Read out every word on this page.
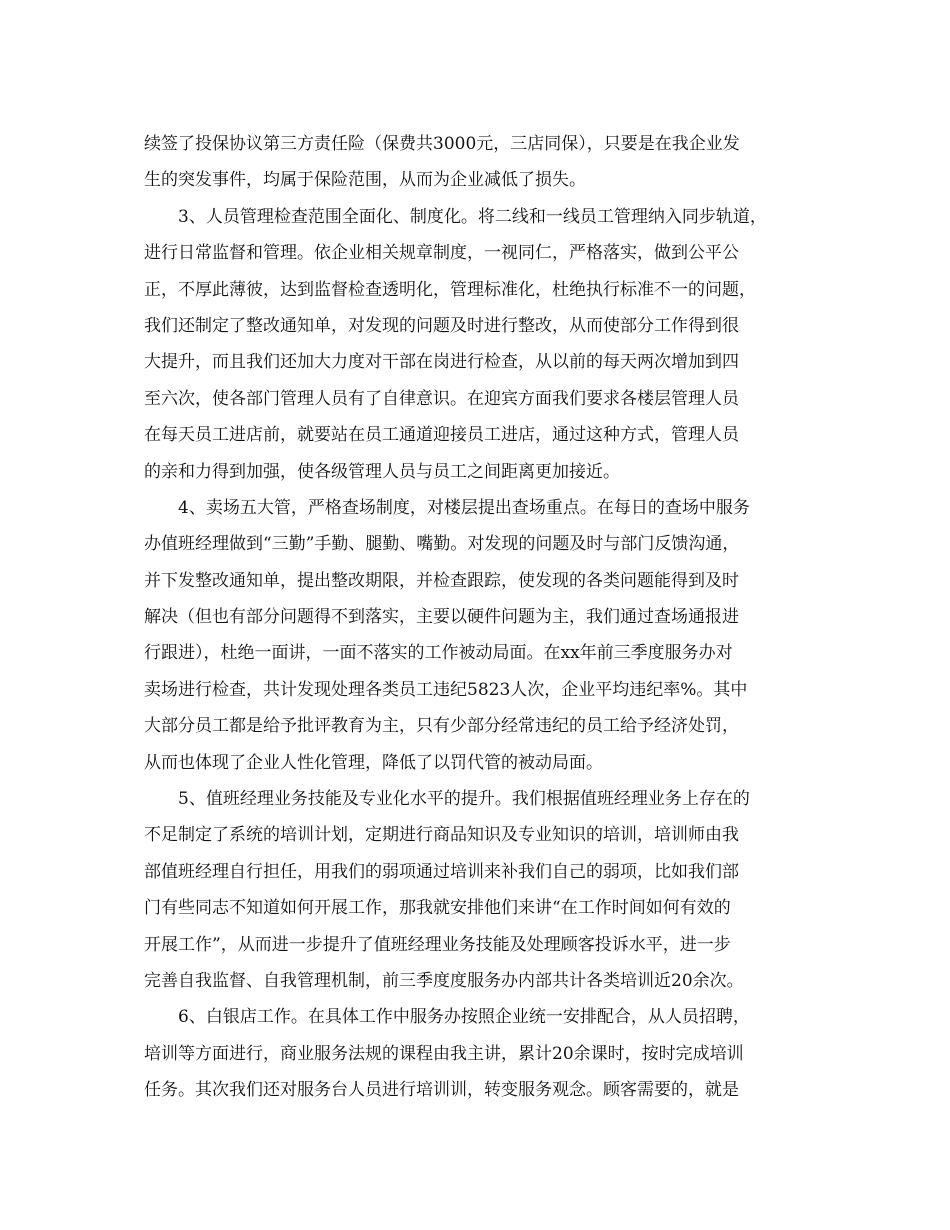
续签了投保协议第三方责任险（保费共3000元，三店同保），只要是在我企业发
生的突发事件，均属于保险范围，从而为企业减低了损失。
　　3、人员管理检查范围全面化、制度化。将二线和一线员工管理纳入同步轨道，
进行日常监督和管理。依企业相关规章制度，一视同仁，严格落实，做到公平公
正，不厚此薄彼，达到监督检查透明化，管理标准化，杜绝执行标准不一的问题，
我们还制定了整改通知单，对发现的问题及时进行整改，从而使部分工作得到很
大提升，而且我们还加大力度对干部在岗进行检查，从以前的每天两次增加到四
至六次，使各部门管理人员有了自律意识。在迎宾方面我们要求各楼层管理人员
在每天员工进店前，就要站在员工通道迎接员工进店，通过这种方式，管理人员
的亲和力得到加强，使各级管理人员与员工之间距离更加接近。
　　4、卖场五大管，严格查场制度，对楼层提出查场重点。在每日的查场中服务
办值班经理做到“三勤”手勤、腿勤、嘴勤。对发现的问题及时与部门反馈沟通，
并下发整改通知单，提出整改期限，并检查跟踪，使发现的各类问题能得到及时
解决（但也有部分问题得不到落实，主要以硬件问题为主，我们通过查场通报进
行跟进），杜绝一面讲，一面不落实的工作被动局面。在xx年前三季度服务办对
卖场进行检查，共计发现处理各类员工违纪5823人次，企业平均违纪率%。其中
大部分员工都是给予批评教育为主，只有少部分经常违纪的员工给予经济处罚，
从而也体现了企业人性化管理，降低了以罚代管的被动局面。
　　5、值班经理业务技能及专业化水平的提升。我们根据值班经理业务上存在的
不足制定了系统的培训计划，定期进行商品知识及专业知识的培训，培训师由我
部值班经理自行担任，用我们的弱项通过培训来补我们自己的弱项，比如我们部
门有些同志不知道如何开展工作，那我就安排他们来讲“在工作时间如何有效的
开展工作”，从而进一步提升了值班经理业务技能及处理顾客投诉水平，进一步
完善自我监督、自我管理机制，前三季度度服务办内部共计各类培训近20余次。
　　6、白银店工作。在具体工作中服务办按照企业统一安排配合，从人员招聘，
培训等方面进行，商业服务法规的课程由我主讲，累计20余课时，按时完成培训
任务。其次我们还对服务台人员进行培训训，转变服务观念。顾客需要的，就是
